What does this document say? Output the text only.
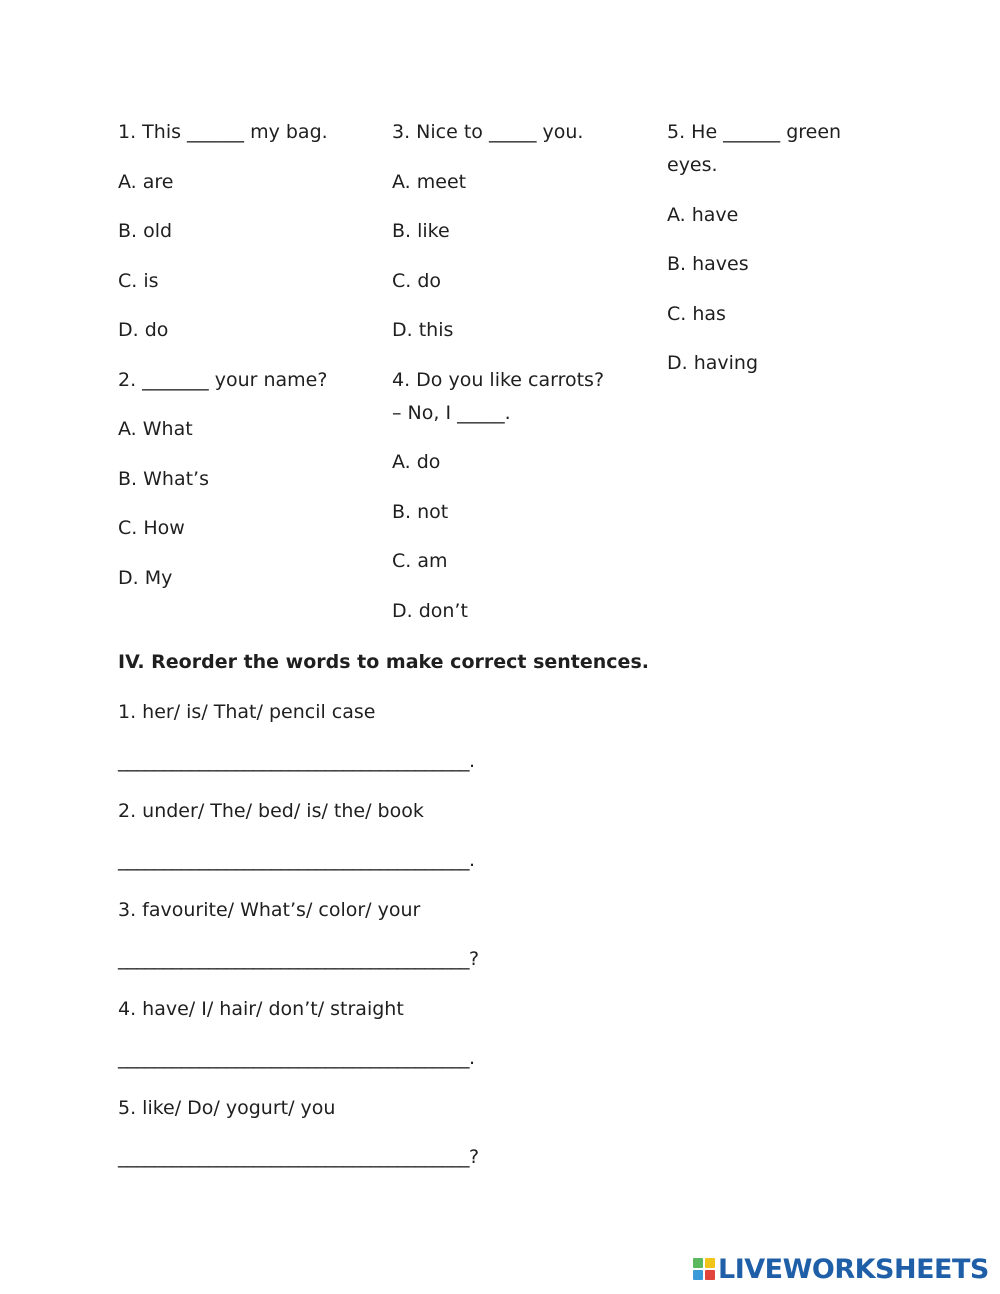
1. This ______ my bag.
A. are
B. old
C. is
D. do
2. _______ your name?
A. What
B. What’s
C. How
D. My
3. Nice to _____ you.
A. meet
B. like
C. do
D. this
4. Do you like carrots?
– No, I _____.
A. do
B. not
C. am
D. don’t
5. He ______ green
eyes.
A. have
B. haves
C. has
D. having
IV. Reorder the words to make correct sentences.
1. her/ is/ That/ pencil case
_______________________________________.
2. under/ The/ bed/ is/ the/ book
_______________________________________.
3. favourite/ What’s/ color/ your
_______________________________________?
4. have/ I/ hair/ don’t/ straight
_______________________________________.
5. like/ Do/ yogurt/ you
_______________________________________?
LIVEWORKSHEETS
